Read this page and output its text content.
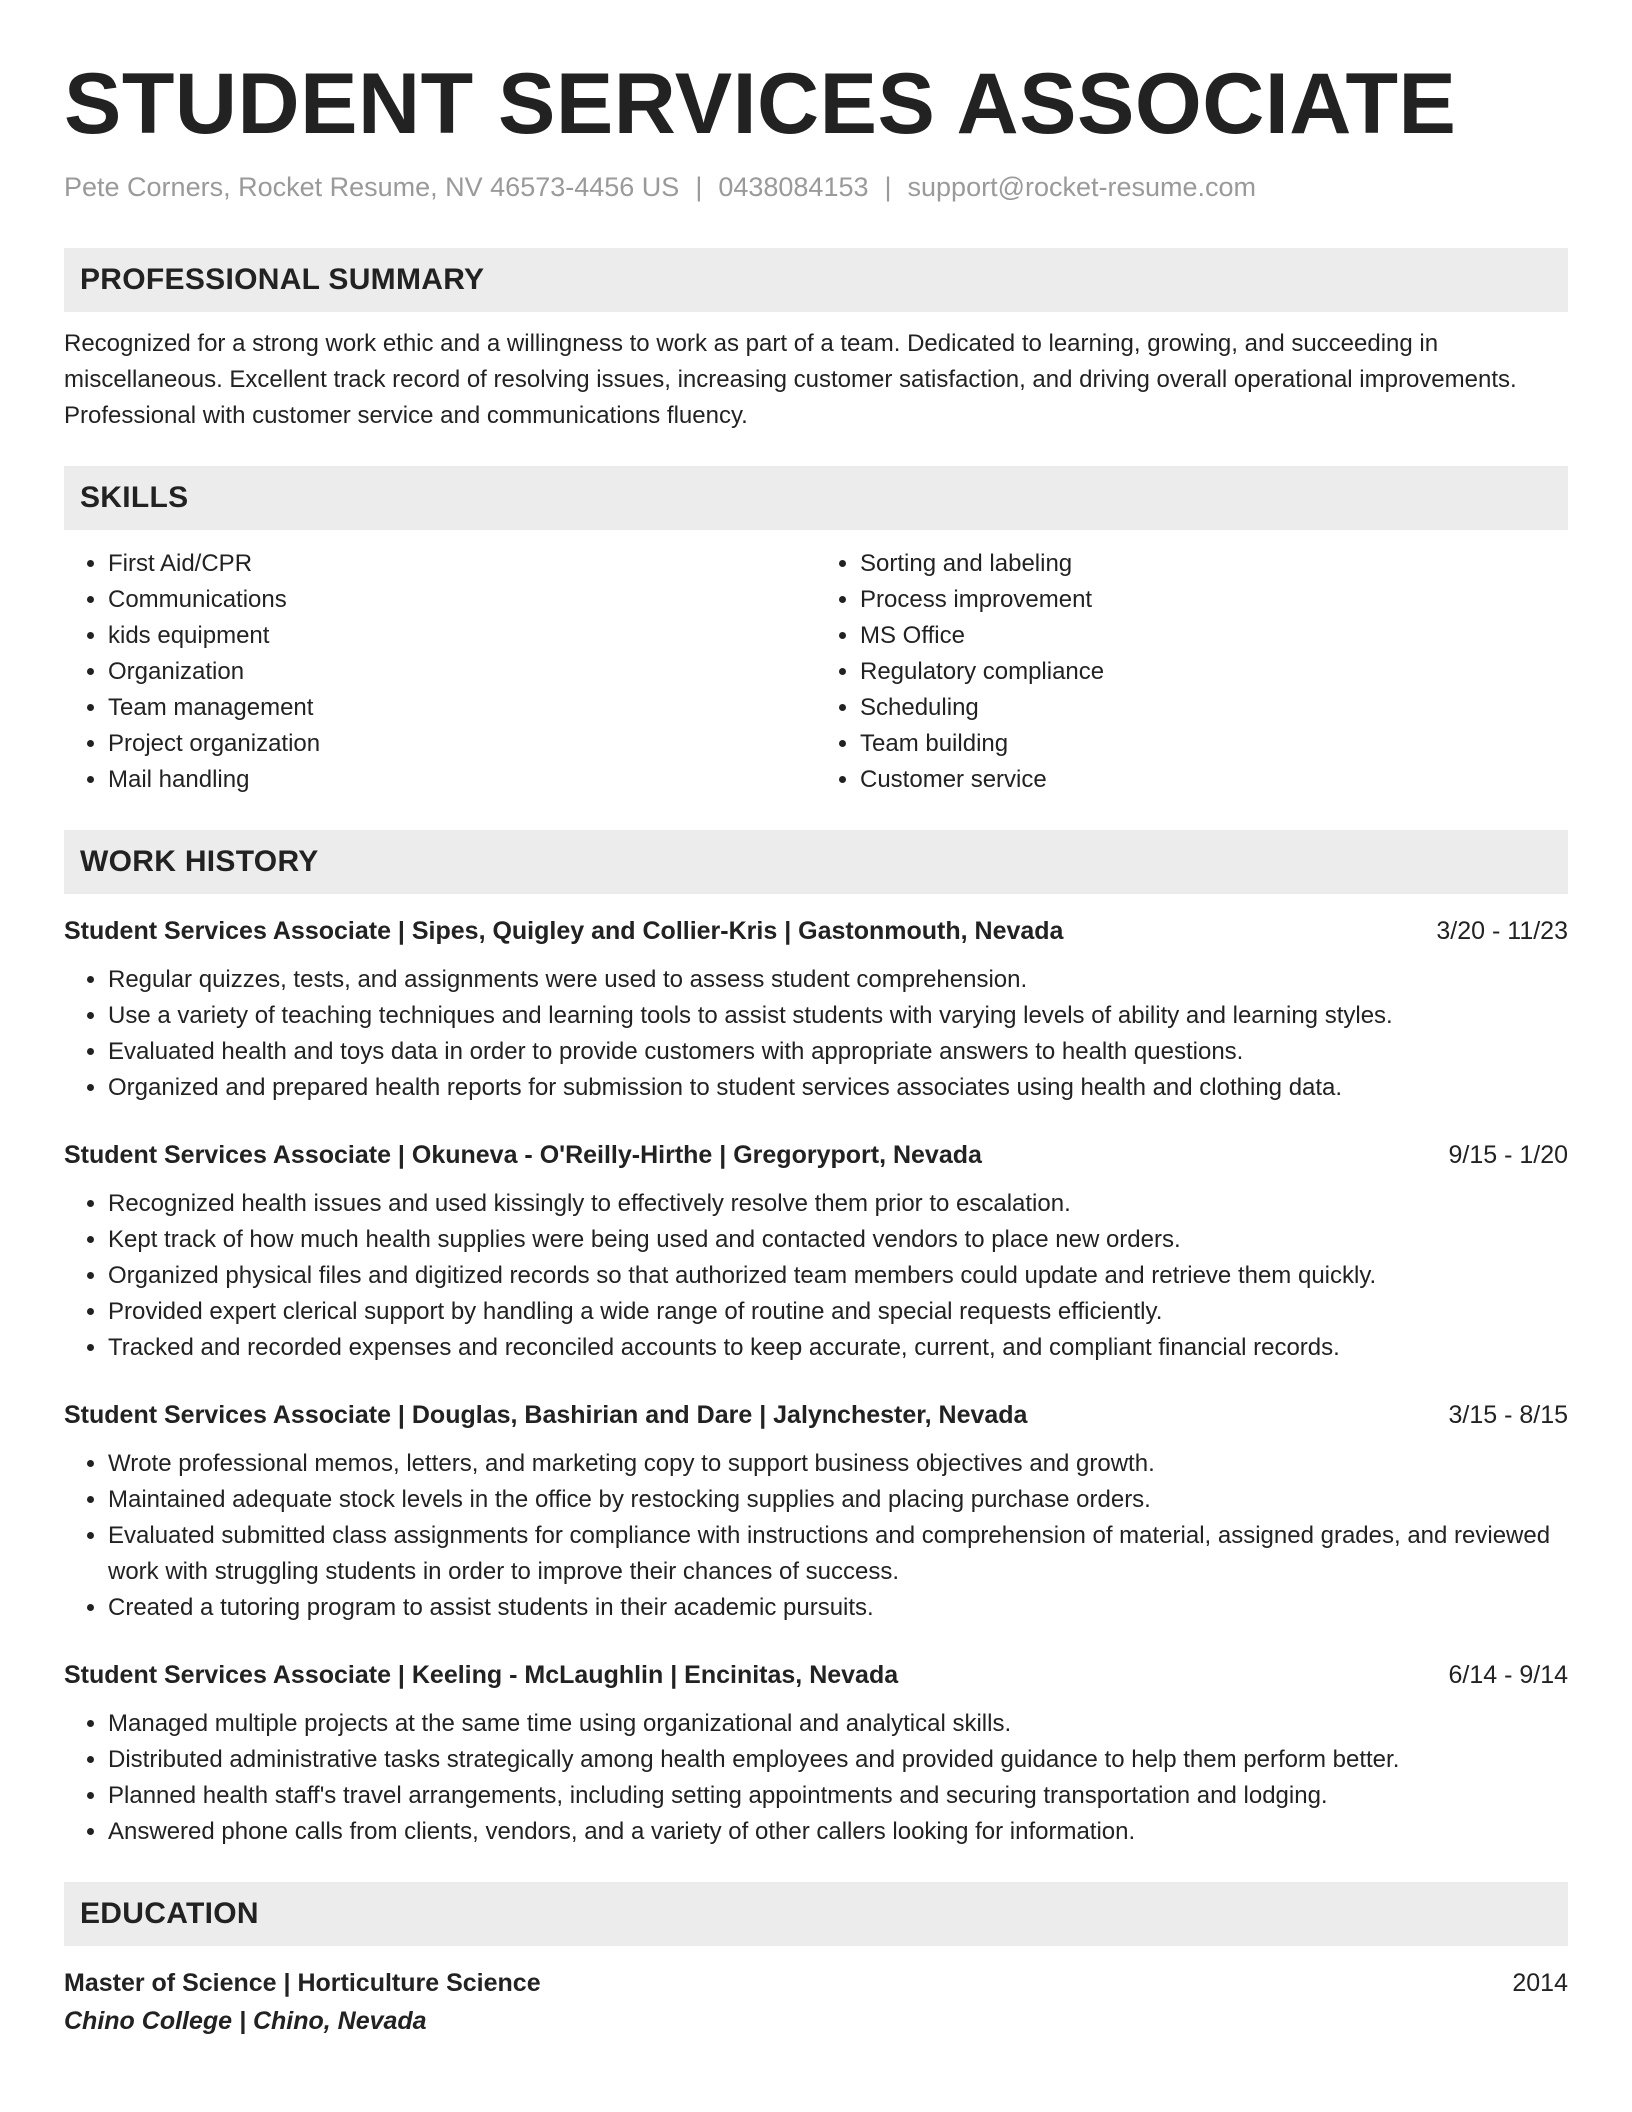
STUDENT SERVICES ASSOCIATE
Pete Corners, Rocket Resume, NV 46573-4456 US | 0438084153 | support@rocket-resume.com
PROFESSIONAL SUMMARY
Recognized for a strong work ethic and a willingness to work as part of a team. Dedicated to learning, growing, and succeeding in miscellaneous. Excellent track record of resolving issues, increasing customer satisfaction, and driving overall operational improvements. Professional with customer service and communications fluency.
SKILLS
• First Aid/CPR
• Communications
• kids equipment
• Organization
• Team management
• Project organization
• Mail handling
• Sorting and labeling
• Process improvement
• MS Office
• Regulatory compliance
• Scheduling
• Team building
• Customer service
WORK HISTORY
Student Services Associate | Sipes, Quigley and Collier-Kris | Gastonmouth, Nevada	3/20 - 11/23
• Regular quizzes, tests, and assignments were used to assess student comprehension.
• Use a variety of teaching techniques and learning tools to assist students with varying levels of ability and learning styles.
• Evaluated health and toys data in order to provide customers with appropriate answers to health questions.
• Organized and prepared health reports for submission to student services associates using health and clothing data.
Student Services Associate | Okuneva - O'Reilly-Hirthe | Gregoryport, Nevada	9/15 - 1/20
• Recognized health issues and used kissingly to effectively resolve them prior to escalation.
• Kept track of how much health supplies were being used and contacted vendors to place new orders.
• Organized physical files and digitized records so that authorized team members could update and retrieve them quickly.
• Provided expert clerical support by handling a wide range of routine and special requests efficiently.
• Tracked and recorded expenses and reconciled accounts to keep accurate, current, and compliant financial records.
Student Services Associate | Douglas, Bashirian and Dare | Jalynchester, Nevada	3/15 - 8/15
• Wrote professional memos, letters, and marketing copy to support business objectives and growth.
• Maintained adequate stock levels in the office by restocking supplies and placing purchase orders.
• Evaluated submitted class assignments for compliance with instructions and comprehension of material, assigned grades, and reviewed work with struggling students in order to improve their chances of success.
• Created a tutoring program to assist students in their academic pursuits.
Student Services Associate | Keeling - McLaughlin | Encinitas, Nevada	6/14 - 9/14
• Managed multiple projects at the same time using organizational and analytical skills.
• Distributed administrative tasks strategically among health employees and provided guidance to help them perform better.
• Planned health staff's travel arrangements, including setting appointments and securing transportation and lodging.
• Answered phone calls from clients, vendors, and a variety of other callers looking for information.
EDUCATION
Master of Science | Horticulture Science	2014
Chino College | Chino, Nevada
